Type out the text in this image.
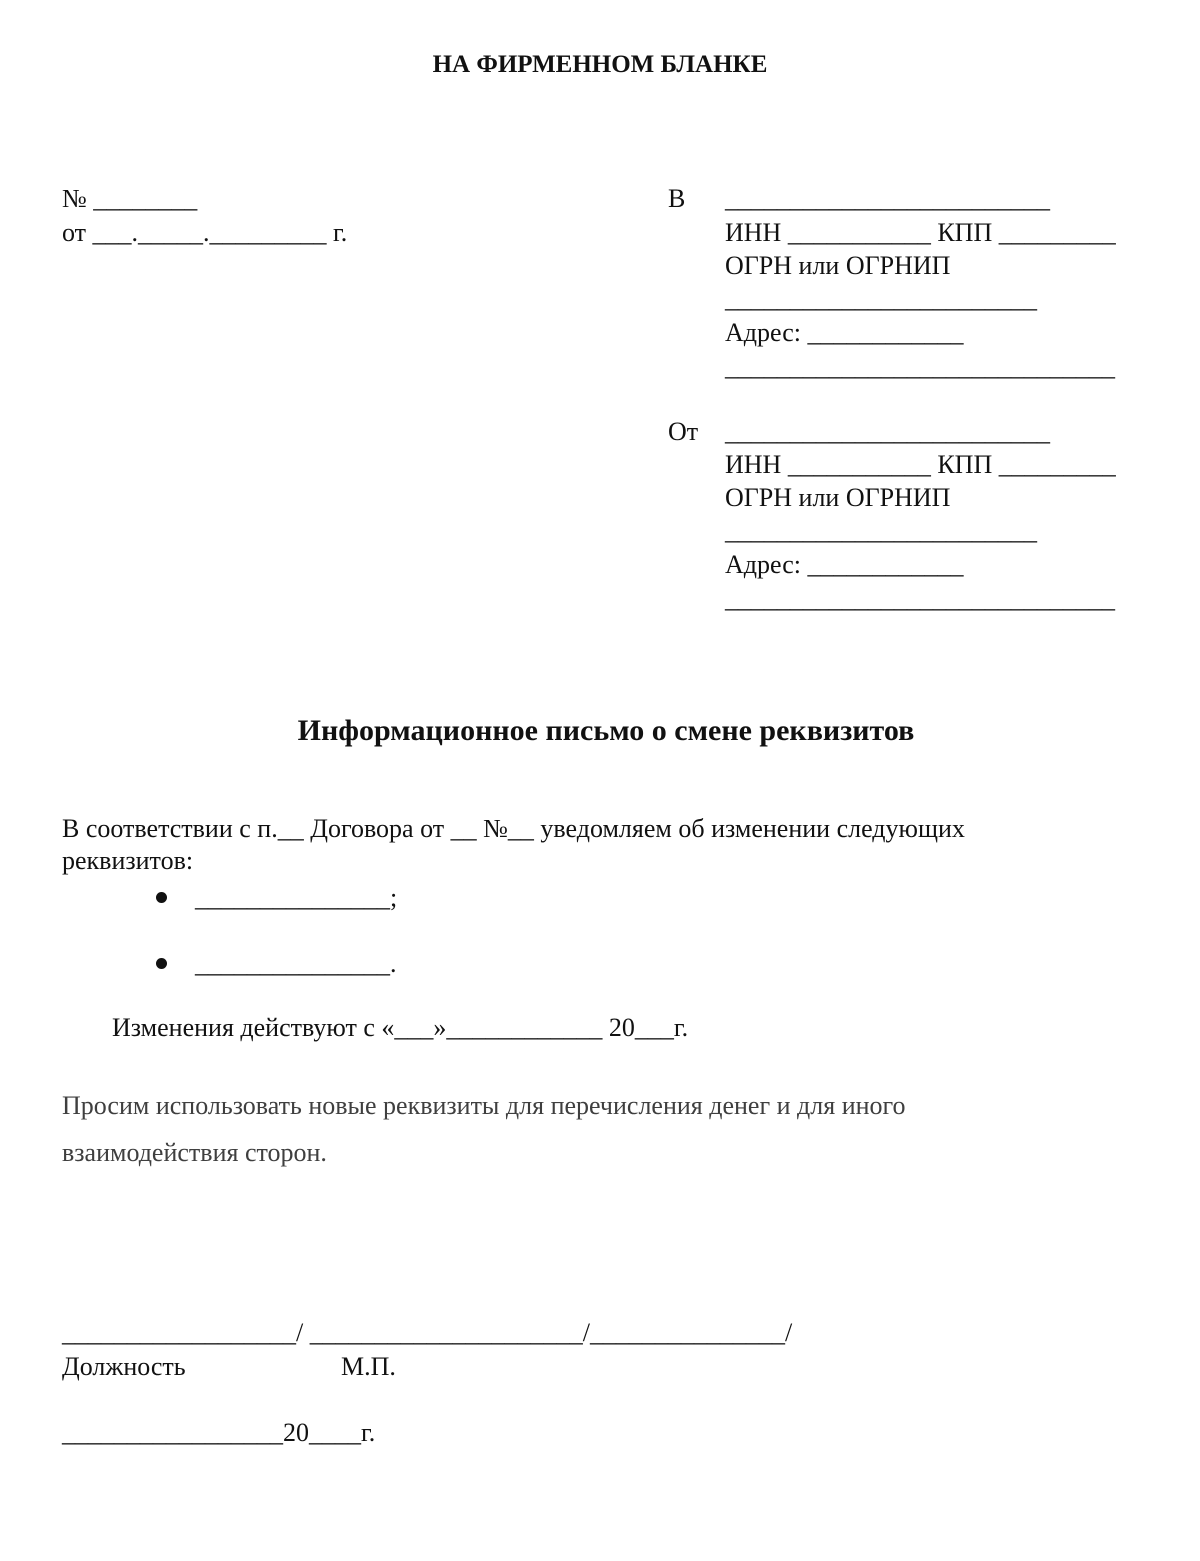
НА ФИРМЕННОМ БЛАНКЕ
№ ________
от ___._____._________ г.
В _________________________
ИНН ___________ КПП _________
ОГРН или ОГРНИП
________________________
Адрес: ____________
______________________________
От _________________________
ИНН ___________ КПП _________
ОГРН или ОГРНИП
________________________
Адрес: ____________
______________________________
Информационное письмо о смене реквизитов
В соответствии с п.__ Договора от __ №__ уведомляем об изменении следующих
реквизитов:
_______________;
_______________.
Изменения действуют с «___»____________ 20___г.
Просим использовать новые реквизиты для перечисления денег и для иного
взаимодействия сторон.
__________________/ _____________________/_______________/
Должность	М.П.
_________________20____г.
